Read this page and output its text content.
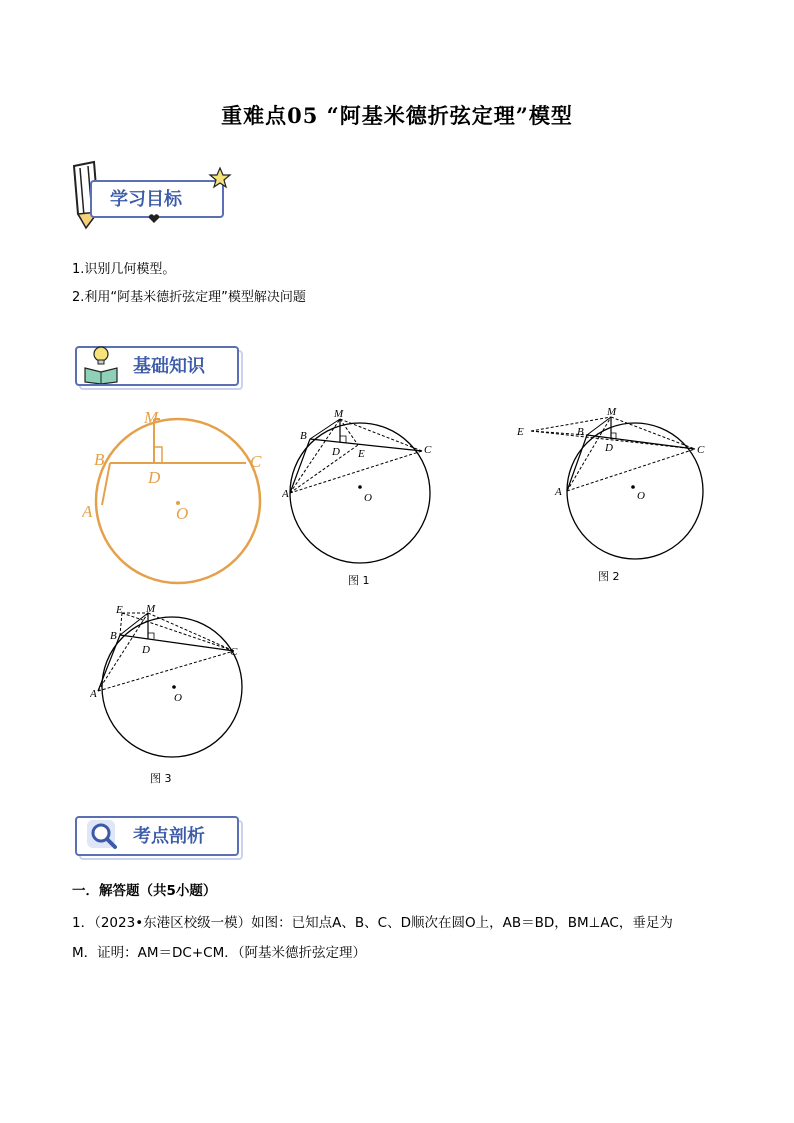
重难点05 “阿基米德折弦定理”模型
学习目标
1.识别几何模型。
2.利用“阿基米德折弦定理”模型解决问题
基础知识
M
B
D
C
A	O
M
B
D E	C
A	O
图 1
E
M
B
D	C
A	O
图 2
E M
B
D	C
A	O
图 3
考点剖析
一．解答题（共5小题）
1．（2023•东港区校级一模）如图：已知点A、B、C、D顺次在圆O上，AB＝BD，BM⊥AC，垂足为
M．证明：AM＝DC+CM．（阿基米德折弦定理）
